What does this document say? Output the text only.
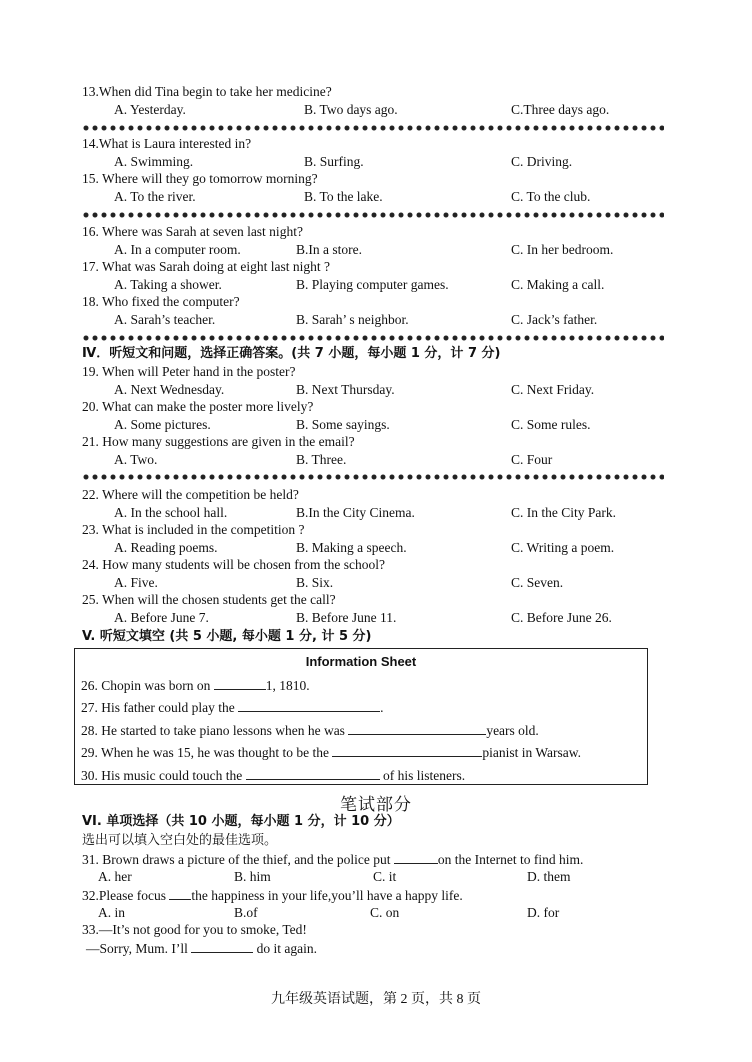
13.When did Tina begin to take her medicine?
A. Yesterday.	B. Two days ago.	C.Three days ago.
14.What is Laura interested in?
A. Swimming.	B. Surfing.	C. Driving.
15. Where will they go tomorrow morning?
A. To the river.	B. To the lake.	C. To the club.
16. Where was Sarah at seven last night?
A. In a computer room.	B.In a store.	C. In her bedroom.
17. What was Sarah doing at eight last night ?
A. Taking a shower.	B. Playing computer games.	C. Making a call.
18. Who fixed the computer?
A. Sarah’s teacher.	B. Sarah’ s neighbor.	C. Jack’s father.
Ⅳ．听短文和问题，选择正确答案。(共 7 小题，每小题 1 分，计 7 分)
19. When will Peter hand in the poster?
A. Next Wednesday.	B. Next Thursday.	C. Next Friday.
20. What can make the poster more lively?
A. Some pictures.	B. Some sayings.	C. Some rules.
21. How many suggestions are given in the email?
A. Two.	B. Three.	C. Four
22. Where will the competition be held?
A. In the school hall.	B.In the City Cinema.	C. In the City Park.
23. What is included in the competition ?
A. Reading poems.	B. Making a speech.	C. Writing a poem.
24. How many students will be chosen from the school?
A. Five.	B. Six.	C. Seven.
25. When will the chosen students get the call?
A. Before June 7.	B. Before June 11.	C. Before June 26.
V. 听短文填空 (共 5 小题, 每小题 1 分, 计 5 分)
Information Sheet
26. Chopin was born on	1, 1810.
27. His father could play the	.
28. He started to take piano lessons when he was	years old.
29. When he was 15, he was thought to be the	pianist in Warsaw.
30. His music could touch the	of his listeners.
笔试部分
VI. 单项选择（共 10 小题，每小题 1 分，计 10 分）
选出可以填入空白处的最佳选项。
31. Brown draws a picture of the thief, and the police put	on the Internet to find him.
A. her	B. him	C. it	D. them
32.Please focus the happiness in your life,you’ll have a happy life.
A. in	B.of	C. on	D. for
33.—It’s not good for you to smoke, Ted!
—Sorry, Mum. I’ll	do it again.
九年级英语试题，第 2 页，共 8 页
